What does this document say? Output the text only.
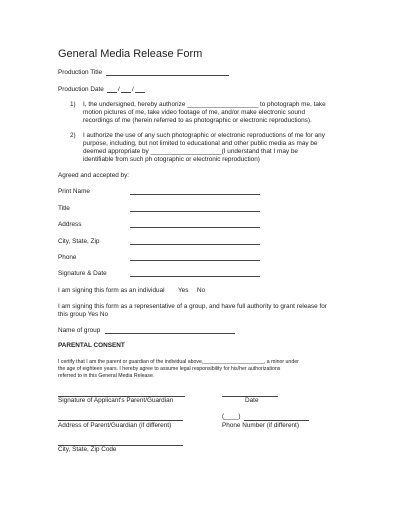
General Media Release Form
Production Title
Production Date / /
1) I, the undersigned, hereby authorize ____________________ to photograph me, take
motion pictures of me, take video footage of me, and/or make electronic sound
recordings of me (herein referred to as photographic or electronic reproductions).
2) I authorize the use of any such photographic or electronic reproductions of me for any
purpose, including, but not limited to educational and other public media as may be
deemed appropriate by ____________________(I understand that I may be
identifiable from such ph otographic or electronic reproduction)
Agreed and accepted by:
Print Name
Title
Address
City, State, Zip
Phone
Signature & Date
I am signing this form as an individual Yes No
I am signing this form as a representative of a group, and have full authority to grant release for
this group Yes No
Name of group
PARENTAL CONSENT
I certify that I am the parent or guardian of the individual above,_____________________, a minor under
the age of eighteen years. I hereby agree to assume legal responsibility for his/her authorizations
referred to in this General Media Release.
Signature of Applicant's Parent/Guardian	Date
(____)
Address of Parent/Guardian (if different)	Phone Number (if different)
City, State, Zip Code
